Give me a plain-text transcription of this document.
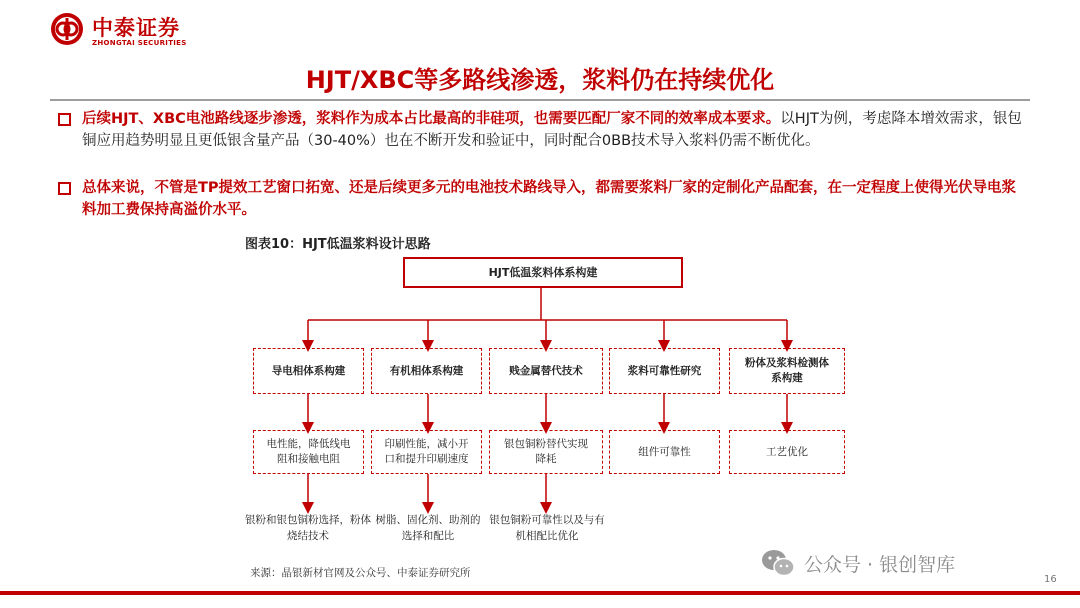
中泰证券
ZHONGTAI SECURITIES
HJT/XBC等多路线渗透，浆料仍在持续优化
后续HJT、XBC电池路线逐步渗透，浆料作为成本占比最高的非硅项，也需要匹配厂家不同的效率成本要求。以HJT为例，考虑降本增效需求，银包铜应用趋势明显且更低银含量产品（30-40%）也在不断开发和验证中，同时配合0BB技术导入浆料仍需不断优化。
总体来说，不管是TP提效工艺窗口拓宽、还是后续更多元的电池技术路线导入，都需要浆料厂家的定制化产品配套，在一定程度上使得光伏导电浆料加工费保持高溢价水平。
图表10：HJT低温浆料设计思路
HJT低温浆料体系构建
导电相体系构建	有机相体系构建	贱金属替代技术	浆料可靠性研究
粉体及浆料检测体系构建
电性能，降低线电阻和接触电阻
印刷性能，减小开口和提升印刷速度
银包铜粉替代实现降耗
组件可靠性	工艺优化
银粉和银包铜粉选择，粉体烧结技术
树脂、固化剂、助剂的选择和配比
银包铜粉可靠性以及与有机相配比优化
来源：晶银新材官网及公众号、中泰证券研究所	公众号 · 银创智库
16
